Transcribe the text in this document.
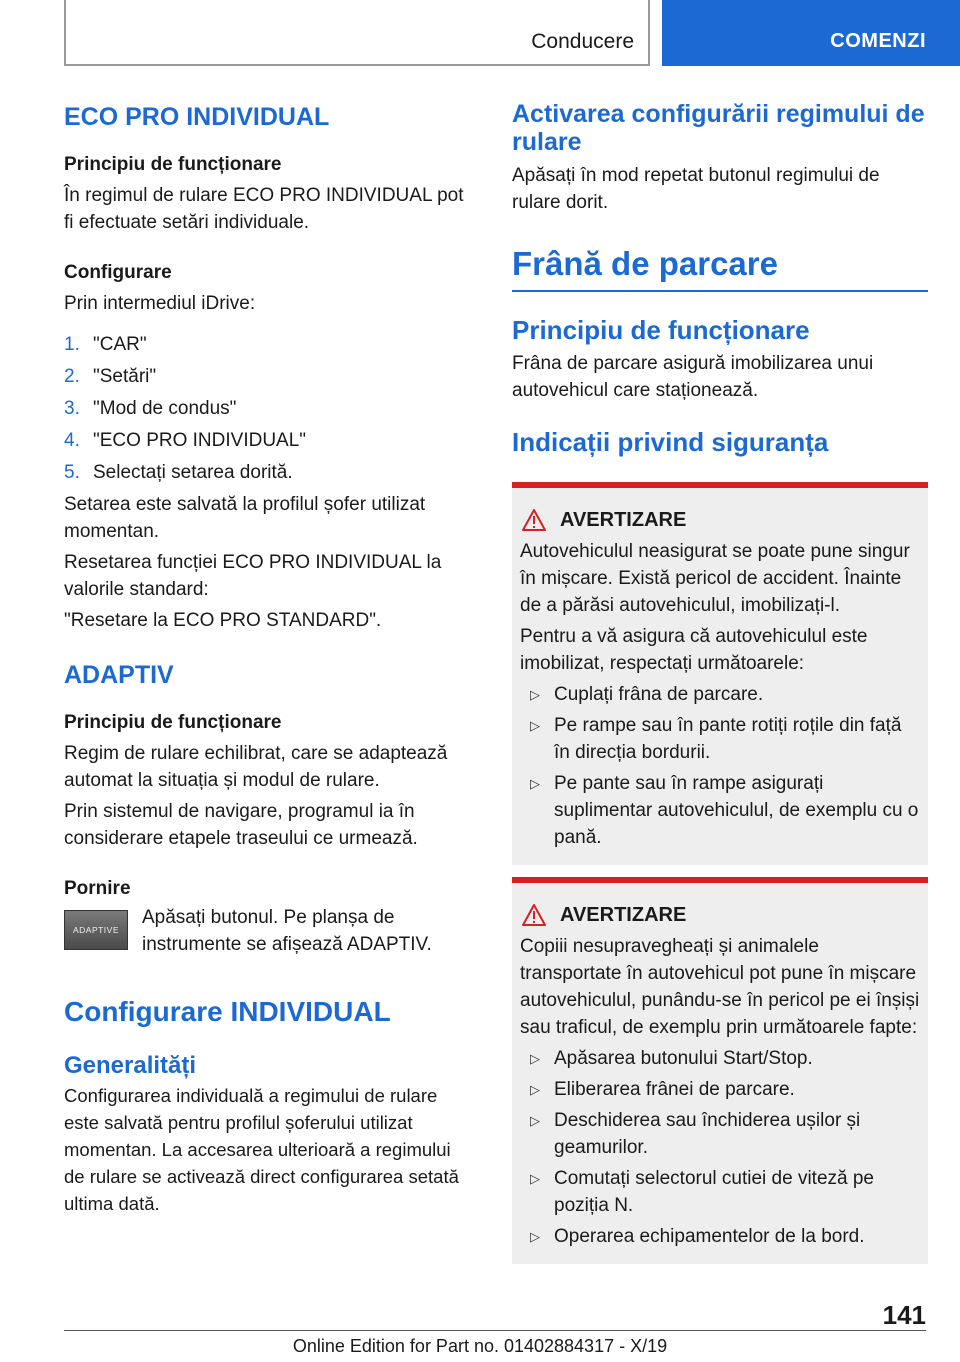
Conducere	COMENZI
ECO PRO INDIVIDUAL
Principiu de funcționare

În regimul de rulare ECO PRO INDIVIDUAL pot fi efectuate setări individuale.

Configurare

Prin intermediul iDrive:

1. "CAR"
2. "Setări"
3. "Mod de condus"
4. "ECO PRO INDIVIDUAL"
5. Selectați setarea dorită.

Setarea este salvată la profilul șofer utilizat momentan.

Resetarea funcției ECO PRO INDIVIDUAL la valorile standard:

"Resetare la ECO PRO STANDARD".

ADAPTIV
Principiu de funcționare

Regim de rulare echilibrat, care se adaptează automat la situația și modul de rulare.

Prin sistemul de navigare, programul ia în considerare etapele traseului ce urmează.

Pornire
ADAPTIVE

Apăsați butonul. Pe planșa de instrumente se afișează ADAPTIV.

Configurare INDIVIDUAL
Generalități

Configurarea individuală a regimului de rulare este salvată pentru profilul șoferului utilizat momentan. La accesarea ulterioară a regimului de rulare se activează direct configurarea setată ultima dată.

Activarea configurării regimului de rulare

Apăsați în mod repetat butonul regimului de rulare dorit.

Frână de parcare
Principiu de funcționare

Frâna de parcare asigură imobilizarea unui autovehicul care staționează.

Indicații privind siguranța
AVERTIZARE

Autovehiculul neasigurat se poate pune singur în mișcare. Există pericol de accident. Înainte de a părăsi autovehiculul, imobilizați-l.

Pentru a vă asigura că autovehiculul este imobilizat, respectați următoarele:

▷ Cuplați frâna de parcare.
▷ Pe rampe sau în pante rotiți roțile din față în direcția bordurii.
▷ Pe pante sau în rampe asigurați suplimentar autovehiculul, de exemplu cu o pană.
AVERTIZARE

Copiii nesupravegheați și animalele transportate în autovehicul pot pune în mișcare autovehiculul, punându-se în pericol pe ei înșiși sau traficul, de exemplu prin următoarele fapte:

▷ Apăsarea butonului Start/Stop.
▷ Eliberarea frânei de parcare.
▷ Deschiderea sau închiderea ușilor și geamurilor.
▷ Comutați selectorul cutiei de viteză pe poziția N.
▷ Operarea echipamentelor de la bord.
141
Online Edition for Part no. 01402884317 - X/19
